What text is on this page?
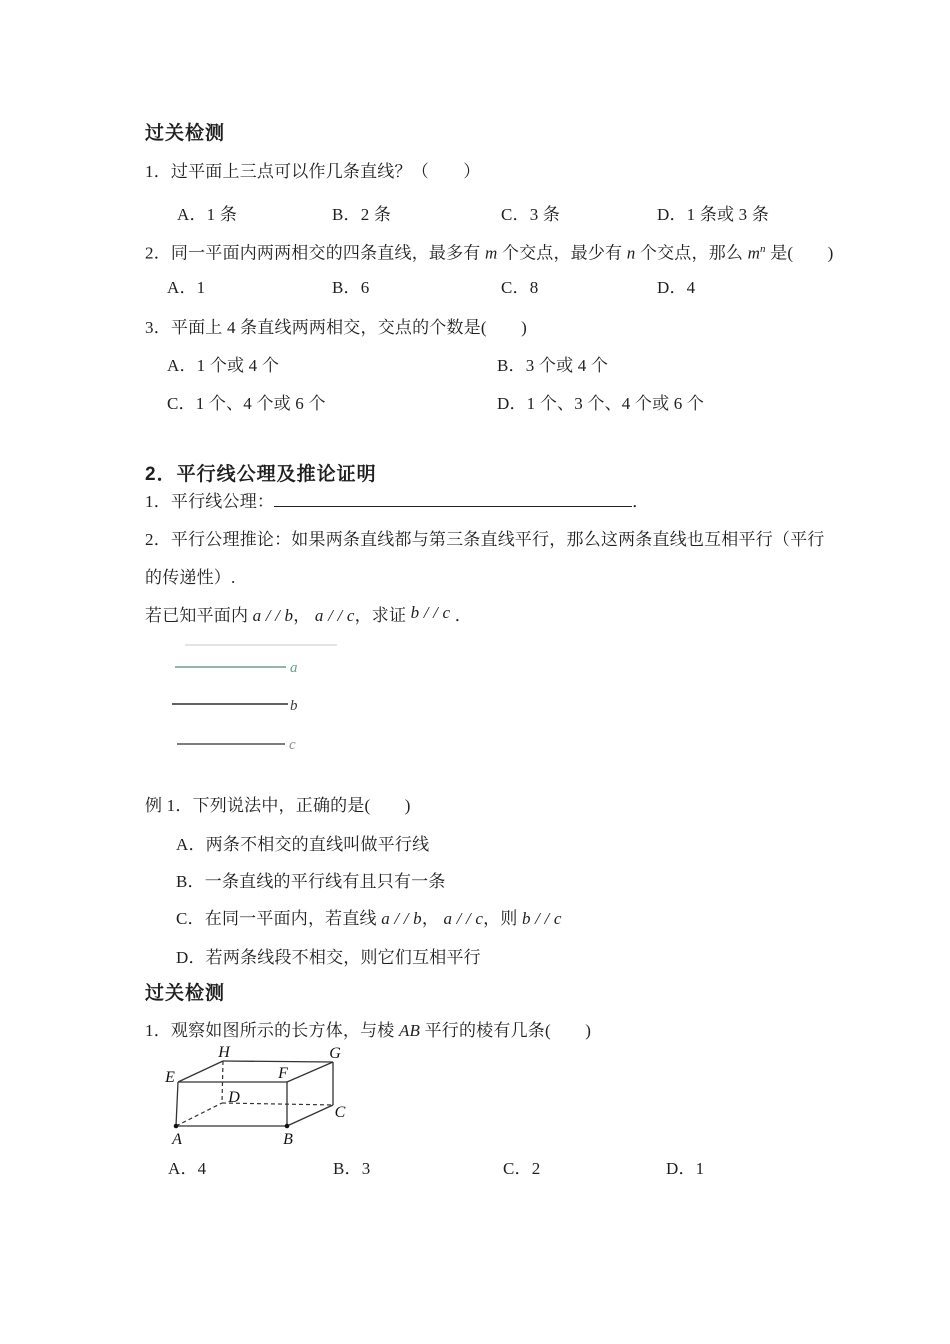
过关检测
1．过平面上三点可以作几条直线？（　　）
A．1 条	B．2 条	C．3 条	D．1 条或 3 条
2．同一平面内两两相交的四条直线，最多有 m 个交点，最少有 n 个交点，那么 $m^n$ 是(　　)
A．1	B．6	C．8	D．4
3．平面上 4 条直线两两相交，交点的个数是(　　)
A．1 个或 4 个	B．3 个或 4 个
C．1 个、4 个或 6 个	D．1 个、3 个、4 个或 6 个
2．平行线公理及推论证明
1．平行线公理：	．
2．平行公理推论：如果两条直线都与第三条直线平行，那么这两条直线也互相平行（平行
的传递性）.
若已知平面内 a / / b， a / / c，求证 b / / c ．
a
b
c
例 1．下列说法中，正确的是(　　)
A．两条不相交的直线叫做平行线
B．一条直线的平行线有且只有一条
C．在同一平面内，若直线 a / / b， a / / c，则 b / / c
D．若两条线段不相交，则它们互相平行
过关检测
1．观察如图所示的长方体，与棱 AB 平行的棱有几条(　　)
H	G
E	F
D
C
A	B
A．4	B．3	C．2	D．1
